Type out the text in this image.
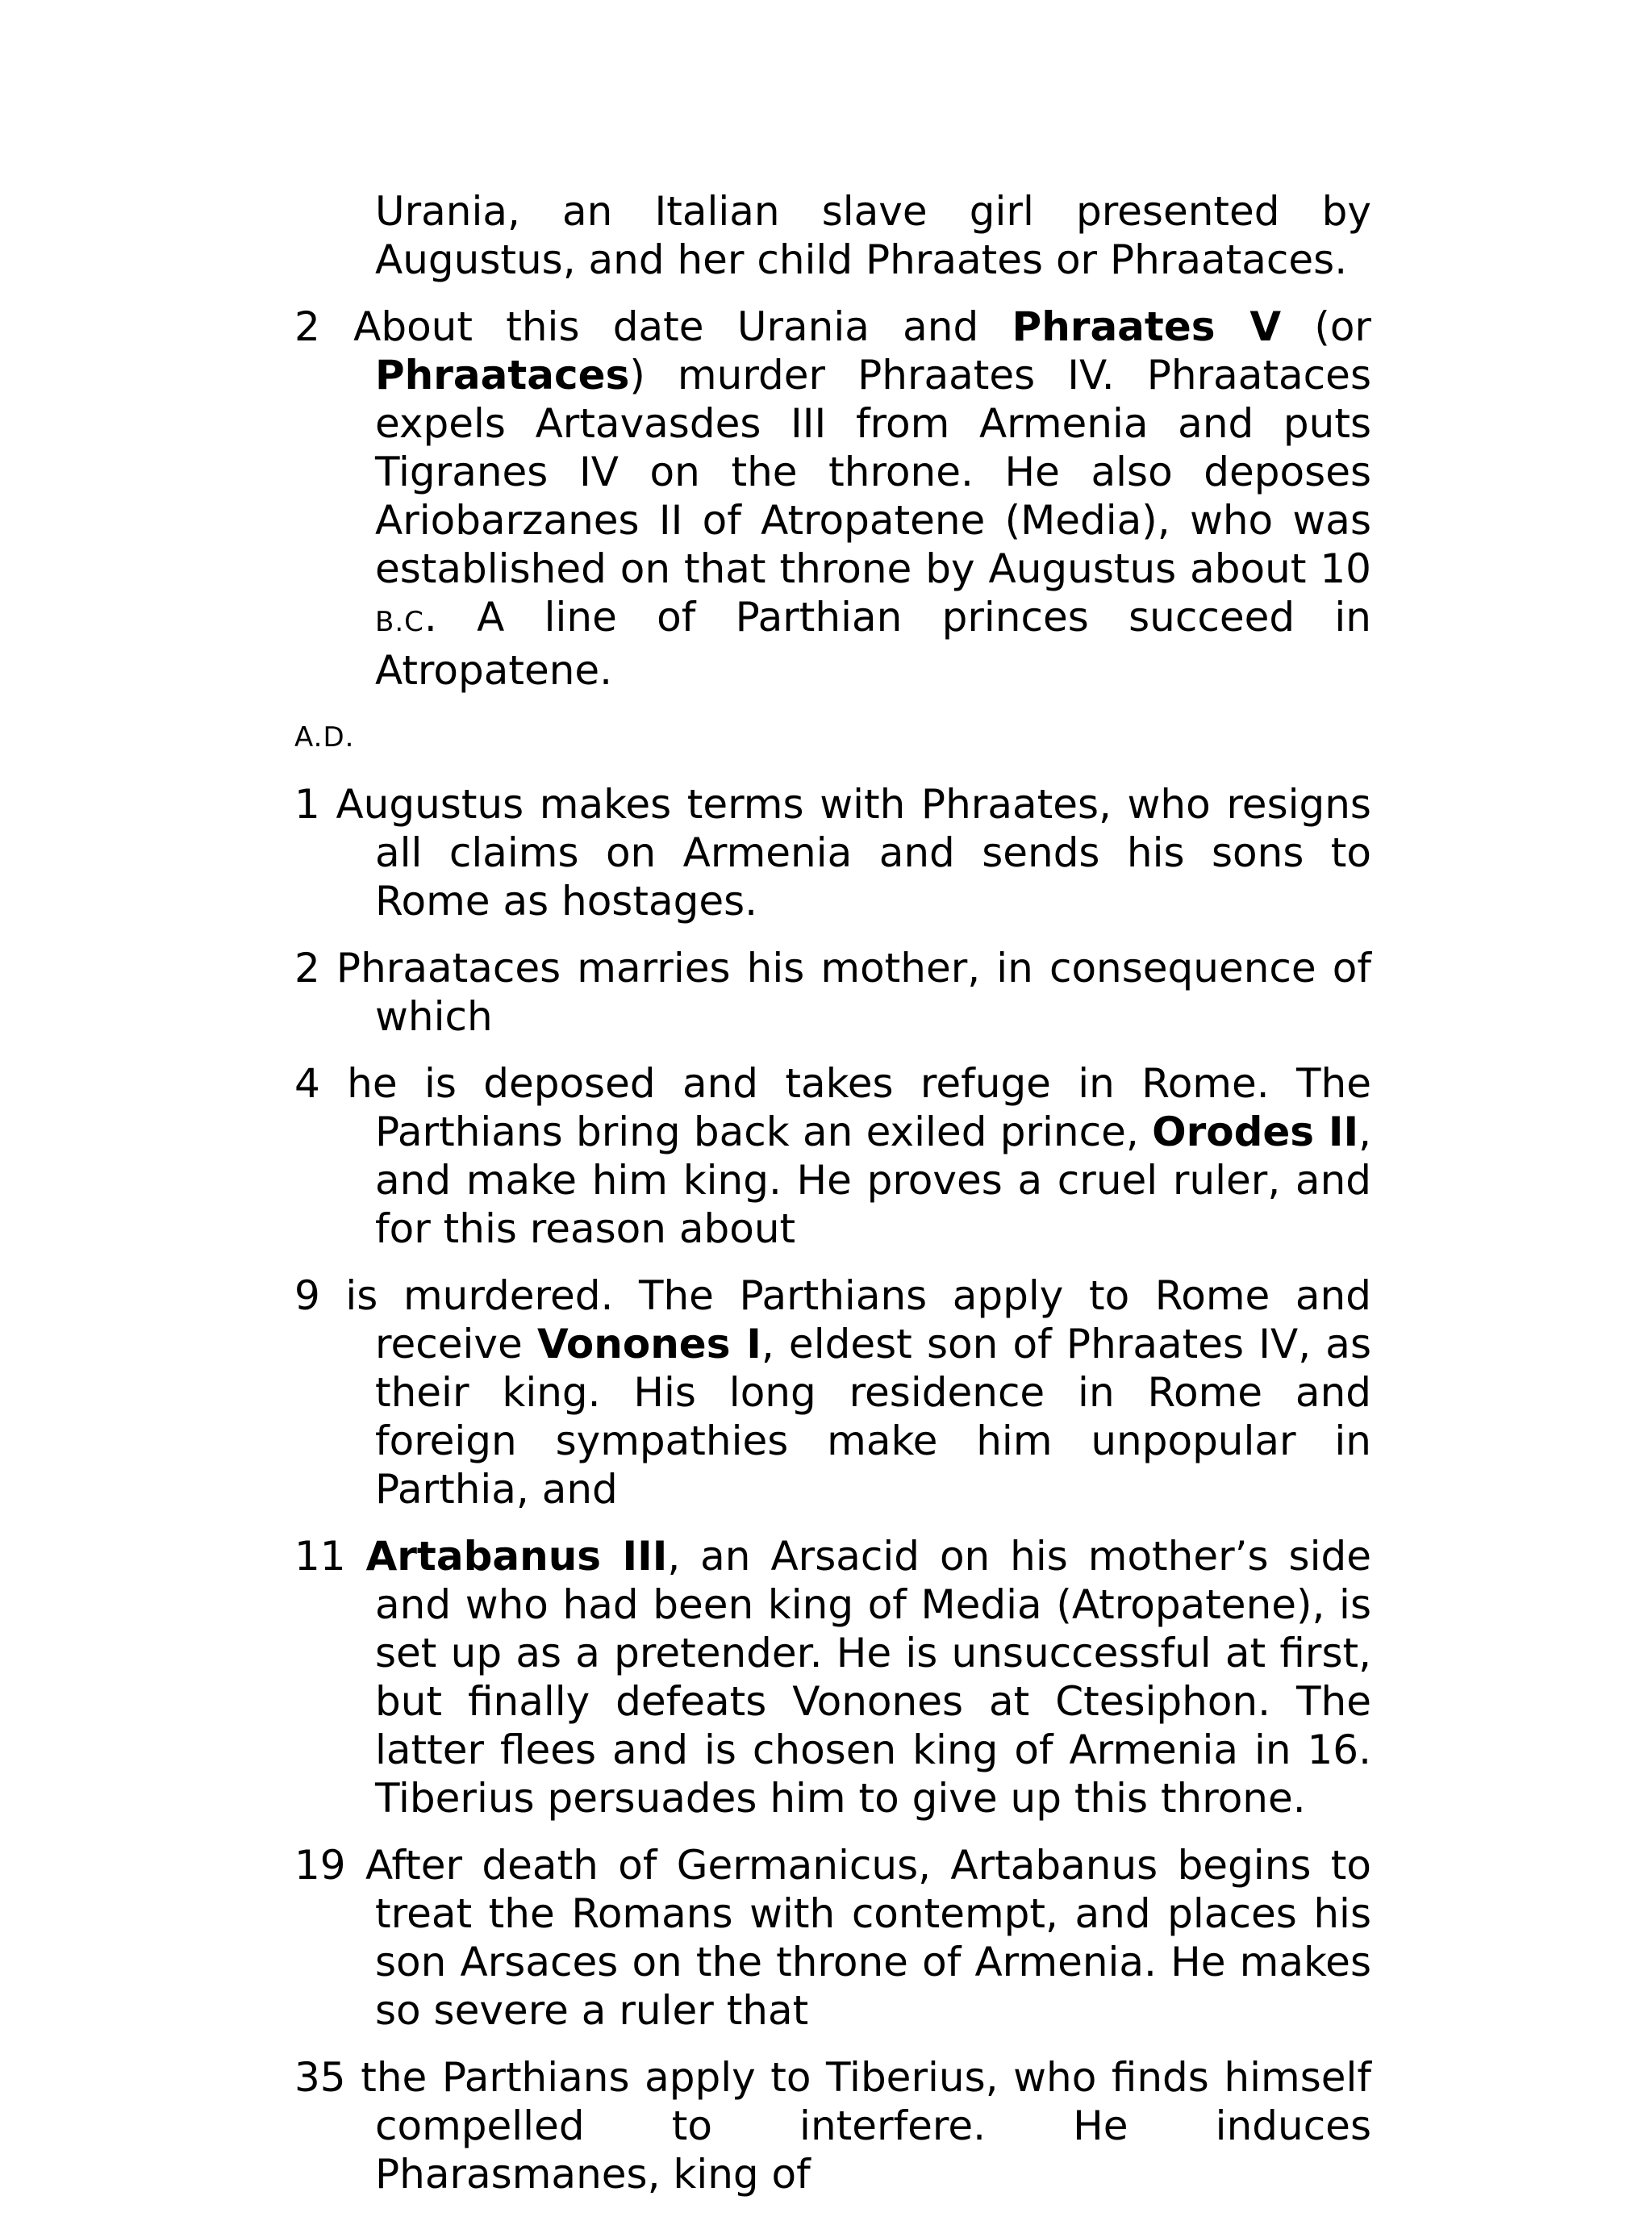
Urania, an Italian slave girl presented by Augustus, and her child Phraates or Phraataces.

2 About this date Urania and Phraates V (or Phraataces) murder Phraates IV. Phraataces expels Artavasdes III from Armenia and puts Tigranes IV on the throne. He also deposes Ariobarzanes II of Atropatene (Media), who was established on that throne by Augustus about 10 B.C. A line of Parthian princes succeed in Atropatene.

A.D.

1 Augustus makes terms with Phraates, who resigns all claims on Armenia and sends his sons to Rome as hostages.

2 Phraataces marries his mother, in consequence of which

4 he is deposed and takes refuge in Rome. The Parthians bring back an exiled prince, Orodes II, and make him king. He proves a cruel ruler, and for this reason about

9 is murdered. The Parthians apply to Rome and receive Vonones I, eldest son of Phraates IV, as their king. His long residence in Rome and foreign sympathies make him unpopular in Parthia, and

11 Artabanus III, an Arsacid on his mother’s side and who had been king of Media (Atropatene), is set up as a pretender. He is unsuccessful at first, but finally defeats Vonones at Ctesiphon. The latter flees and is chosen king of Armenia in 16. Tiberius persuades him to give up this throne.

19 After death of Germanicus, Artabanus begins to treat the Romans with contempt, and places his son Arsaces on the throne of Armenia. He makes so severe a ruler that

35 the Parthians apply to Tiberius, who finds himself compelled to interfere. He induces Pharasmanes, king of
